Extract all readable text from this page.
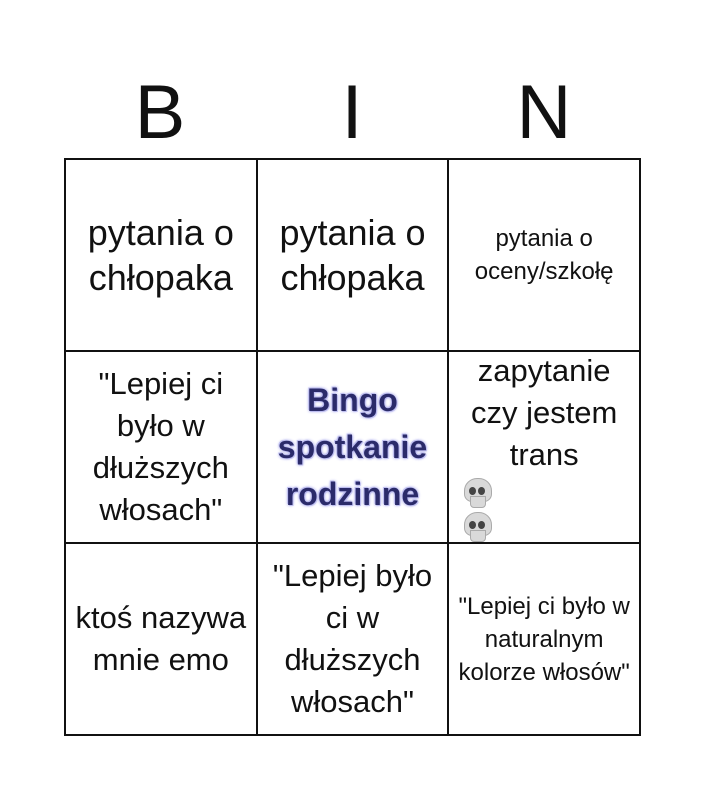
B	I	N
pytania o chłopaka
pytania o chłopaka
pytania o oceny/szkołę
"Lepiej ci było w dłuższych włosach"
Bingo spotkanie rodzinne
zapytanie czy jestem trans
ktoś nazywa mnie emo
"Lepiej było ci w dłuższych włosach"
"Lepiej ci było w naturalnym kolorze włosów"
